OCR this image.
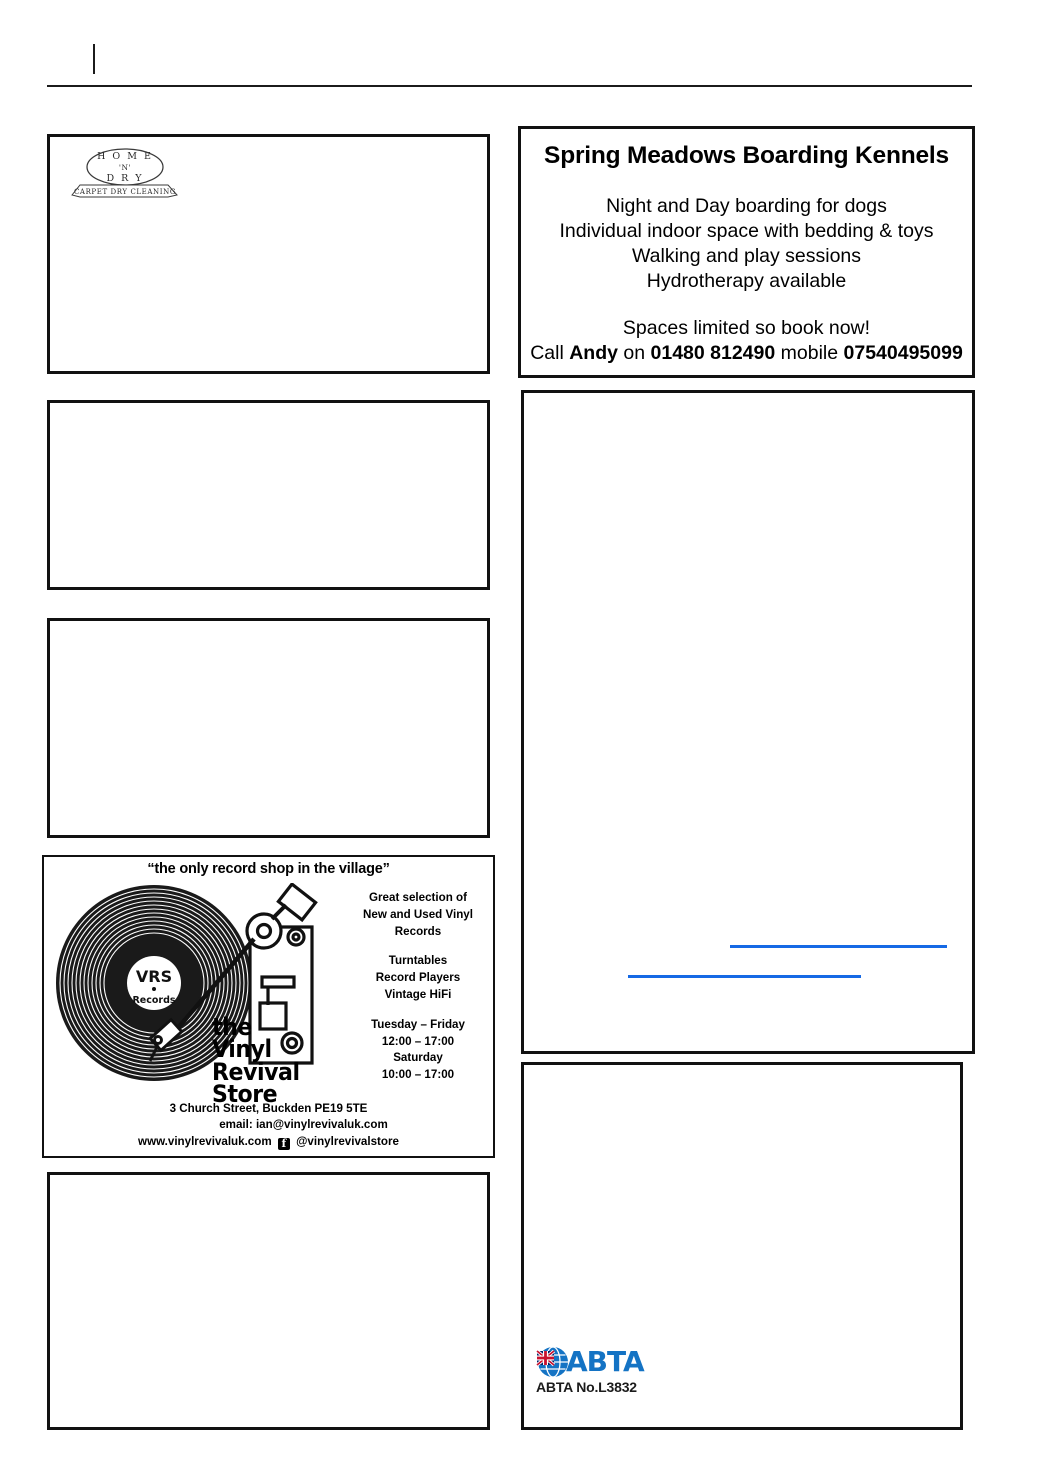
H O M E
'N'
D R Y
CARPET DRY CLEANING
“the only record shop in the village”
VRS
Records
the
Vinyl
Revival
Store
Great selection of
New and Used Vinyl Records
Turntables
Record Players
Vintage HiFi
Tuesday – Friday
12:00 – 17:00
Saturday
10:00 – 17:00
3 Church Street, Buckden PE19 5TE
email: ian@vinylrevivaluk.com
www.vinylrevivaluk.com f @vinylrevivalstore
Spring Meadows Boarding Kennels
Night and Day boarding for dogs
Individual indoor space with bedding & toys
Walking and play sessions
Hydrotherapy available
Spaces limited so book now!
Call Andy on 01480 812490 mobile 07540495099
ABTA
ABTA No.L3832
